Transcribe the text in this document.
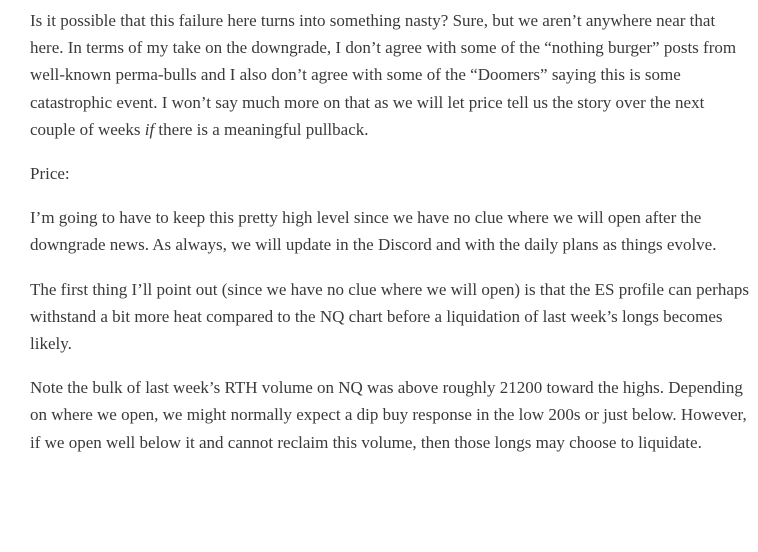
Is it possible that this failure here turns into something nasty? Sure, but we aren’t anywhere near that here. In terms of my take on the downgrade, I don’t agree with some of the “nothing burger” posts from well-known perma-bulls and I also don’t agree with some of the “Doomers” saying this is some catastrophic event. I won’t say much more on that as we will let price tell us the story over the next couple of weeks if there is a meaningful pullback.

Price:

I’m going to have to keep this pretty high level since we have no clue where we will open after the downgrade news. As always, we will update in the Discord and with the daily plans as things evolve.

The first thing I’ll point out (since we have no clue where we will open) is that the ES profile can perhaps withstand a bit more heat compared to the NQ chart before a liquidation of last week’s longs becomes likely.

Note the bulk of last week’s RTH volume on NQ was above roughly 21200 toward the highs. Depending on where we open, we might normally expect a dip buy response in the low 200s or just below. However, if we open well below it and cannot reclaim this volume, then those longs may choose to liquidate.
